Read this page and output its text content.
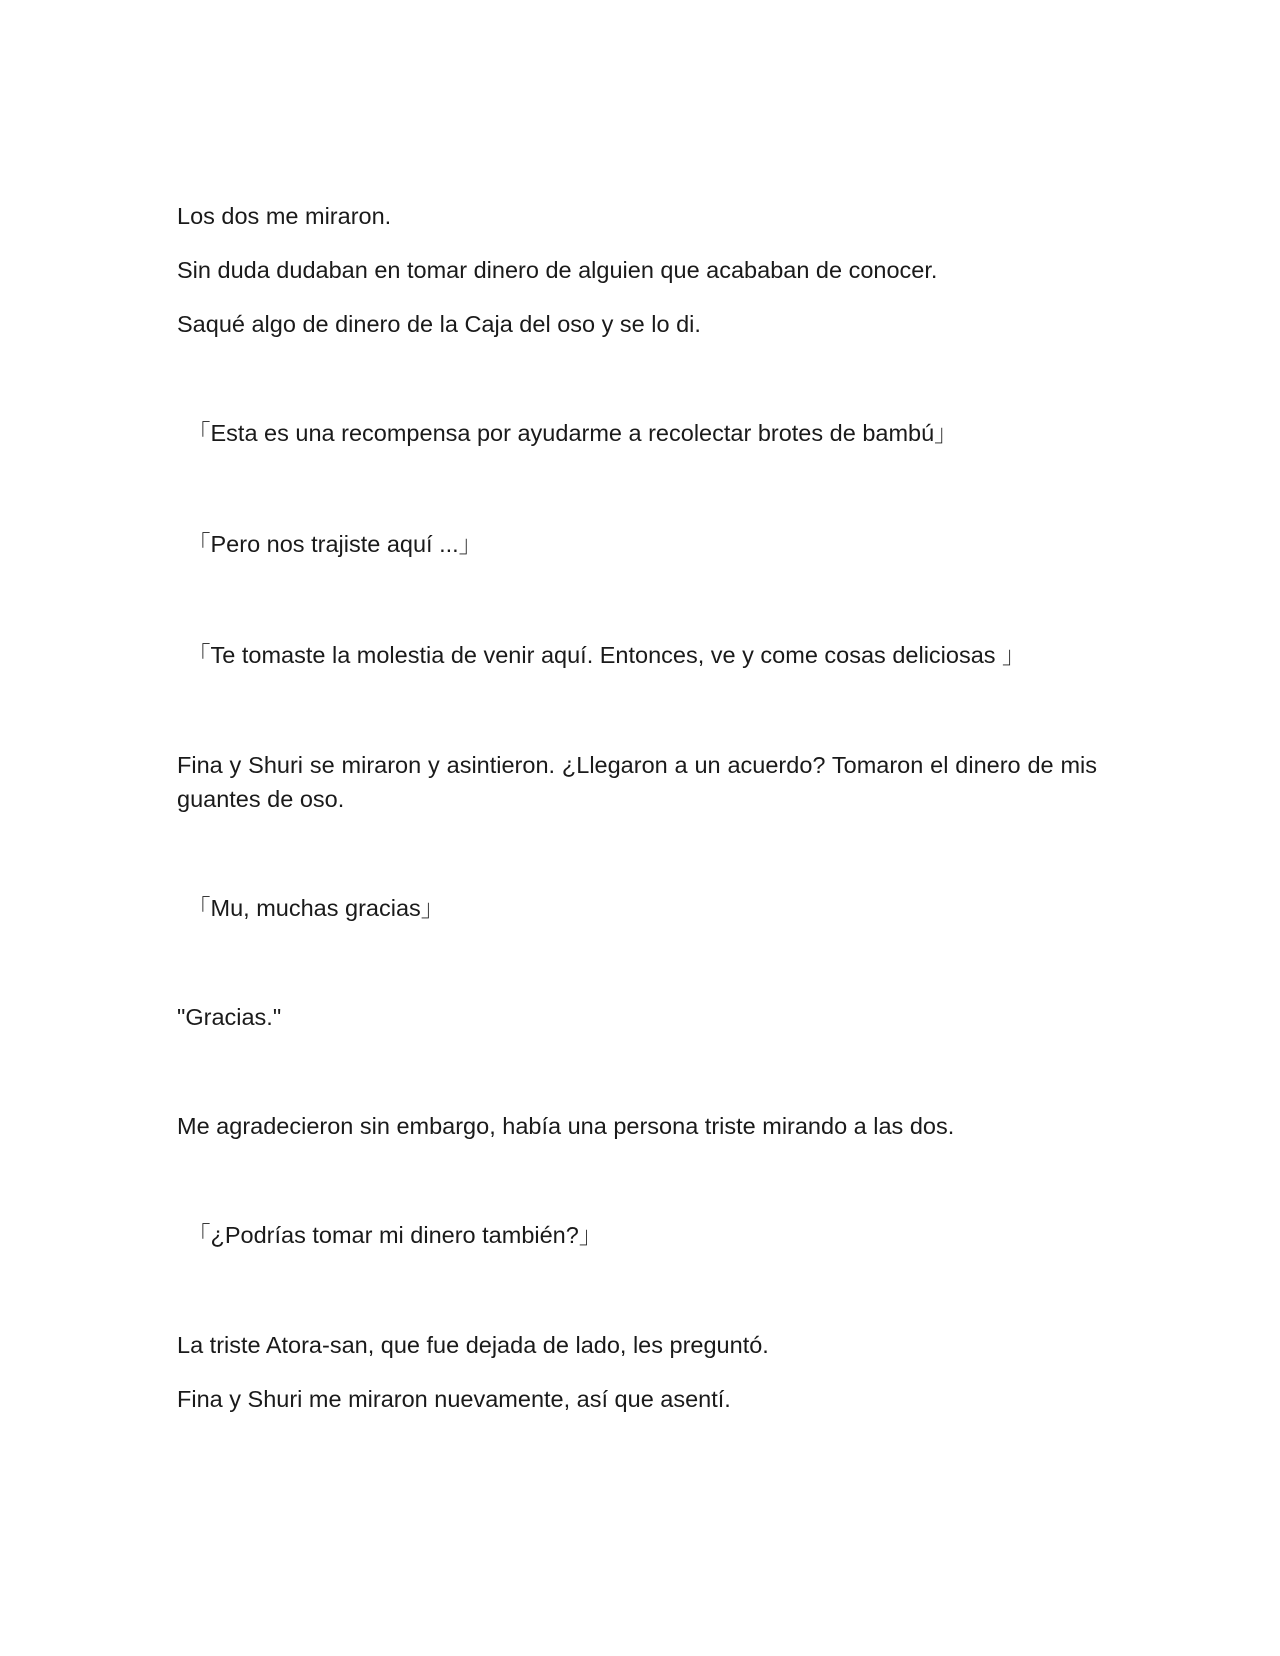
Los dos me miraron.

Sin duda dudaban en tomar dinero de alguien que acababan de conocer.

Saqué algo de dinero de la Caja del oso y se lo di.

「Esta es una recompensa por ayudarme a recolectar brotes de bambú」

「Pero nos trajiste aquí ...」

「Te tomaste la molestia de venir aquí. Entonces, ve y come cosas deliciosas 」

Fina y Shuri se miraron y asintieron. ¿Llegaron a un acuerdo? Tomaron el dinero de mis guantes de oso.

「Mu, muchas gracias」

"Gracias."

Me agradecieron sin embargo, había una persona triste mirando a las dos.

「¿Podrías tomar mi dinero también?」

La triste Atora-san, que fue dejada de lado, les preguntó.

Fina y Shuri me miraron nuevamente, así que asentí.
